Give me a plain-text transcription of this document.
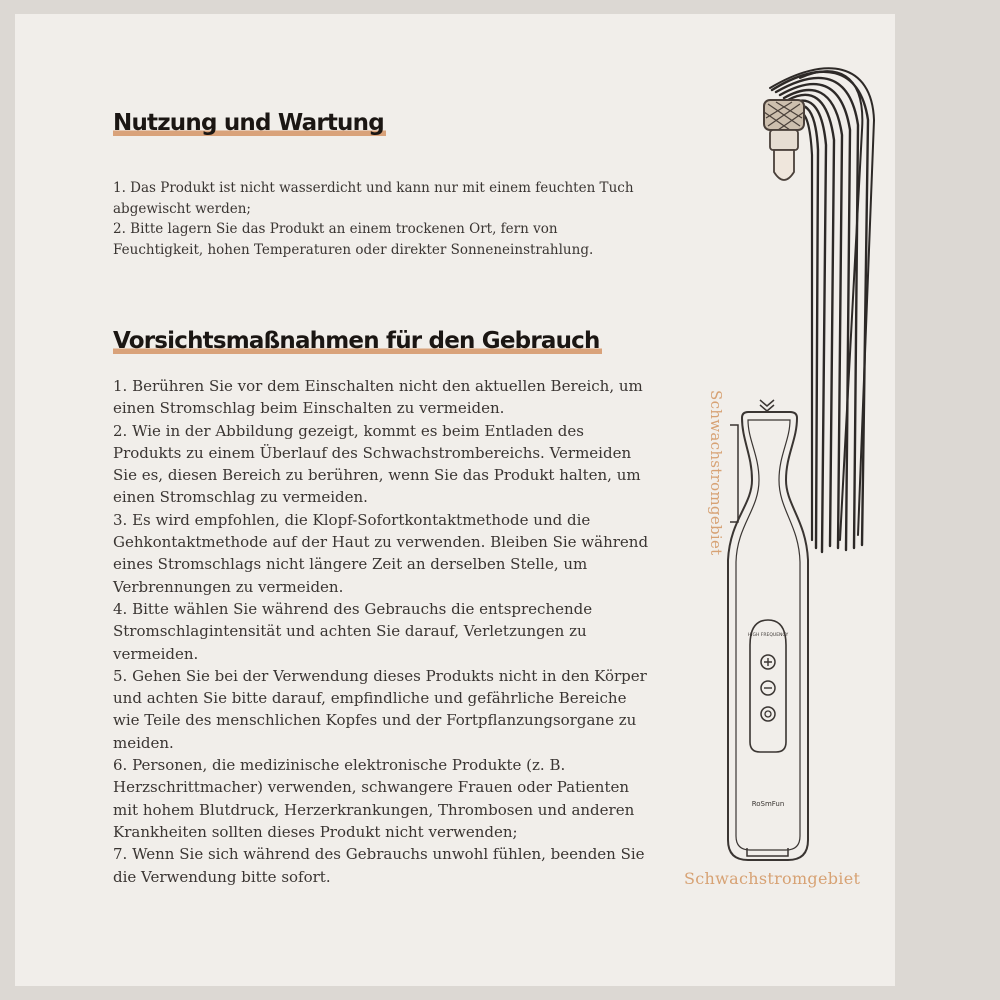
Nutzung und Wartung
1. Das Produkt ist nicht wasserdicht und kann nur mit einem feuchten Tuch abgewischt werden;
2. Bitte lagern Sie das Produkt an einem trockenen Ort, fern von Feuchtigkeit, hohen Temperaturen oder direkter Sonneneinstrahlung.
Vorsichtsmaßnahmen für den Gebrauch
1. Berühren Sie vor dem Einschalten nicht den aktuellen Bereich, um einen Stromschlag beim Einschalten zu vermeiden.
2. Wie in der Abbildung gezeigt, kommt es beim Entladen des Produkts zu einem Überlauf des Schwachstrombereichs. Vermeiden Sie es, diesen Bereich zu berühren, wenn Sie das Produkt halten, um einen Stromschlag zu vermeiden.
3. Es wird empfohlen, die Klopf-Sofortkontaktmethode und die Gehkontaktmethode auf der Haut zu verwenden. Bleiben Sie während eines Stromschlags nicht längere Zeit an derselben Stelle, um Verbrennungen zu vermeiden.
4. Bitte wählen Sie während des Gebrauchs die entsprechende Stromschlagintensität und achten Sie darauf, Verletzungen zu vermeiden.
5. Gehen Sie bei der Verwendung dieses Produkts nicht in den Körper und achten Sie bitte darauf, empfindliche und gefährliche Bereiche wie Teile des menschlichen Kopfes und der Fortpflanzungsorgane zu meiden.
6. Personen, die medizinische elektronische Produkte (z. B. Herzschrittmacher) verwenden, schwangere Frauen oder Patienten mit hohem Blutdruck, Herzerkrankungen, Thrombosen und anderen Krankheiten sollten dieses Produkt nicht verwenden;
7. Wenn Sie sich während des Gebrauchs unwohl fühlen, beenden Sie die Verwendung bitte sofort.
HIGH FREQUENCY
RoSmFun
Schwachstromgebiet
Schwachstromgebiet
